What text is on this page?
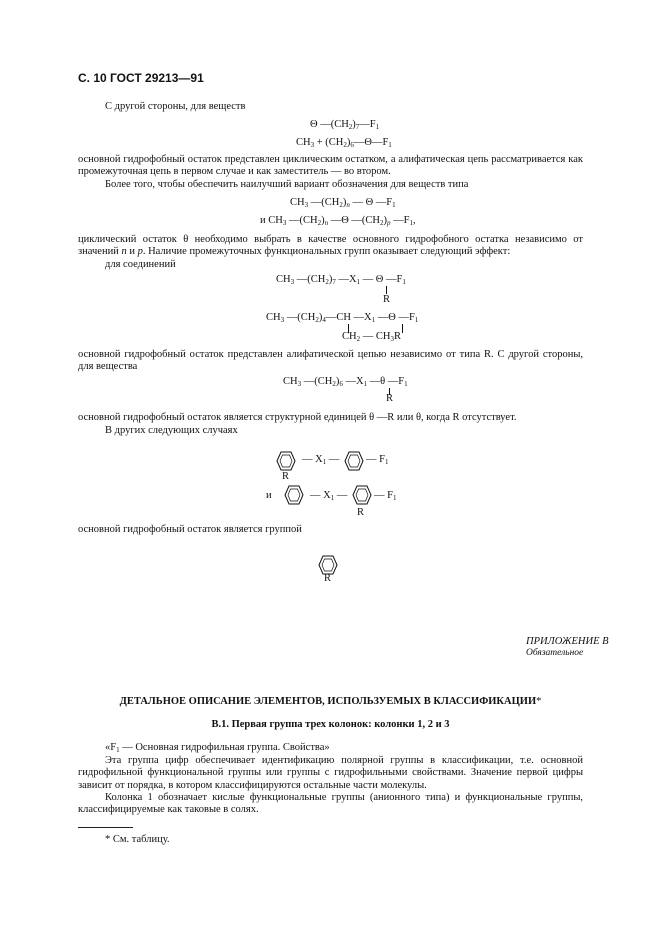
С. 10 ГОСТ 29213—91
С другой стороны, для веществ
Θ $—(CH_2)_7—F_1$
$CH_3$ + $(CH_2)_6—\Theta—F_1$
основной гидрофобный остаток представлен циклическим остатком, а алифатическая цепь рассматривается как промежуточная цепь в первом случае и как заместитель — во втором.
Более того, чтобы обеспечить наилучший вариант обозначения для веществ типа
$CH_3$ $—(CH_2)_n$ — Θ $—F_1$
и $CH_3$ $—(CH_2)_n$ —Θ $—(CH_2)_p$ $—F_1$,
циклический остаток θ необходимо выбрать в качестве основного гидрофобного остатка независимо от значений n и p. Наличие промежуточных функциональных групп оказывает следующий эффект:
для соединений
$CH_3$ $—(CH_2)_7$ $—X_1$ — Θ $—F_1$
R
$CH_3$ $—(CH_2)_4—CH$ $—X_1$ —Θ $—F_1$
$CH_2$ — $CH_3R$
основной гидрофобный остаток представлен алифатической цепью независимо от типа R. С другой стороны, для вещества
$CH_3$ $—(CH_2)_6$ $—X_1$ —θ $—F_1$
R
основной гидрофобный остаток является структурной единицей θ —R или θ, когда R отсутствует.
В других следующих случаях
— $X_1$ —	— $F_1$
R
и	— $X_1$ —	— $F_1$
R
основной гидрофобный остаток является группой
R
ПРИЛОЖЕНИЕ В
Обязательное
ДЕТАЛЬНОЕ ОПИСАНИЕ ЭЛЕМЕНТОВ, ИСПОЛЬЗУЕМЫХ В КЛАССИФИКАЦИИ*
В.1. Первая группа трех колонок: колонки 1, 2 и 3
«$F_1$ — Основная гидрофильная группа. Свойства»
Эта группа цифр обеспечивает идентификацию полярной группы в классификации, т.е. основной гидрофильной функциональной группы или группы с гидрофильными свойствами. Значение первой цифры зависит от порядка, в котором классифицируются остальные части молекулы.
Колонка 1 обозначает кислые функциональные группы (анионного типа) и функциональные группы, классифицируемые как таковые в солях.
* См. таблицу.
